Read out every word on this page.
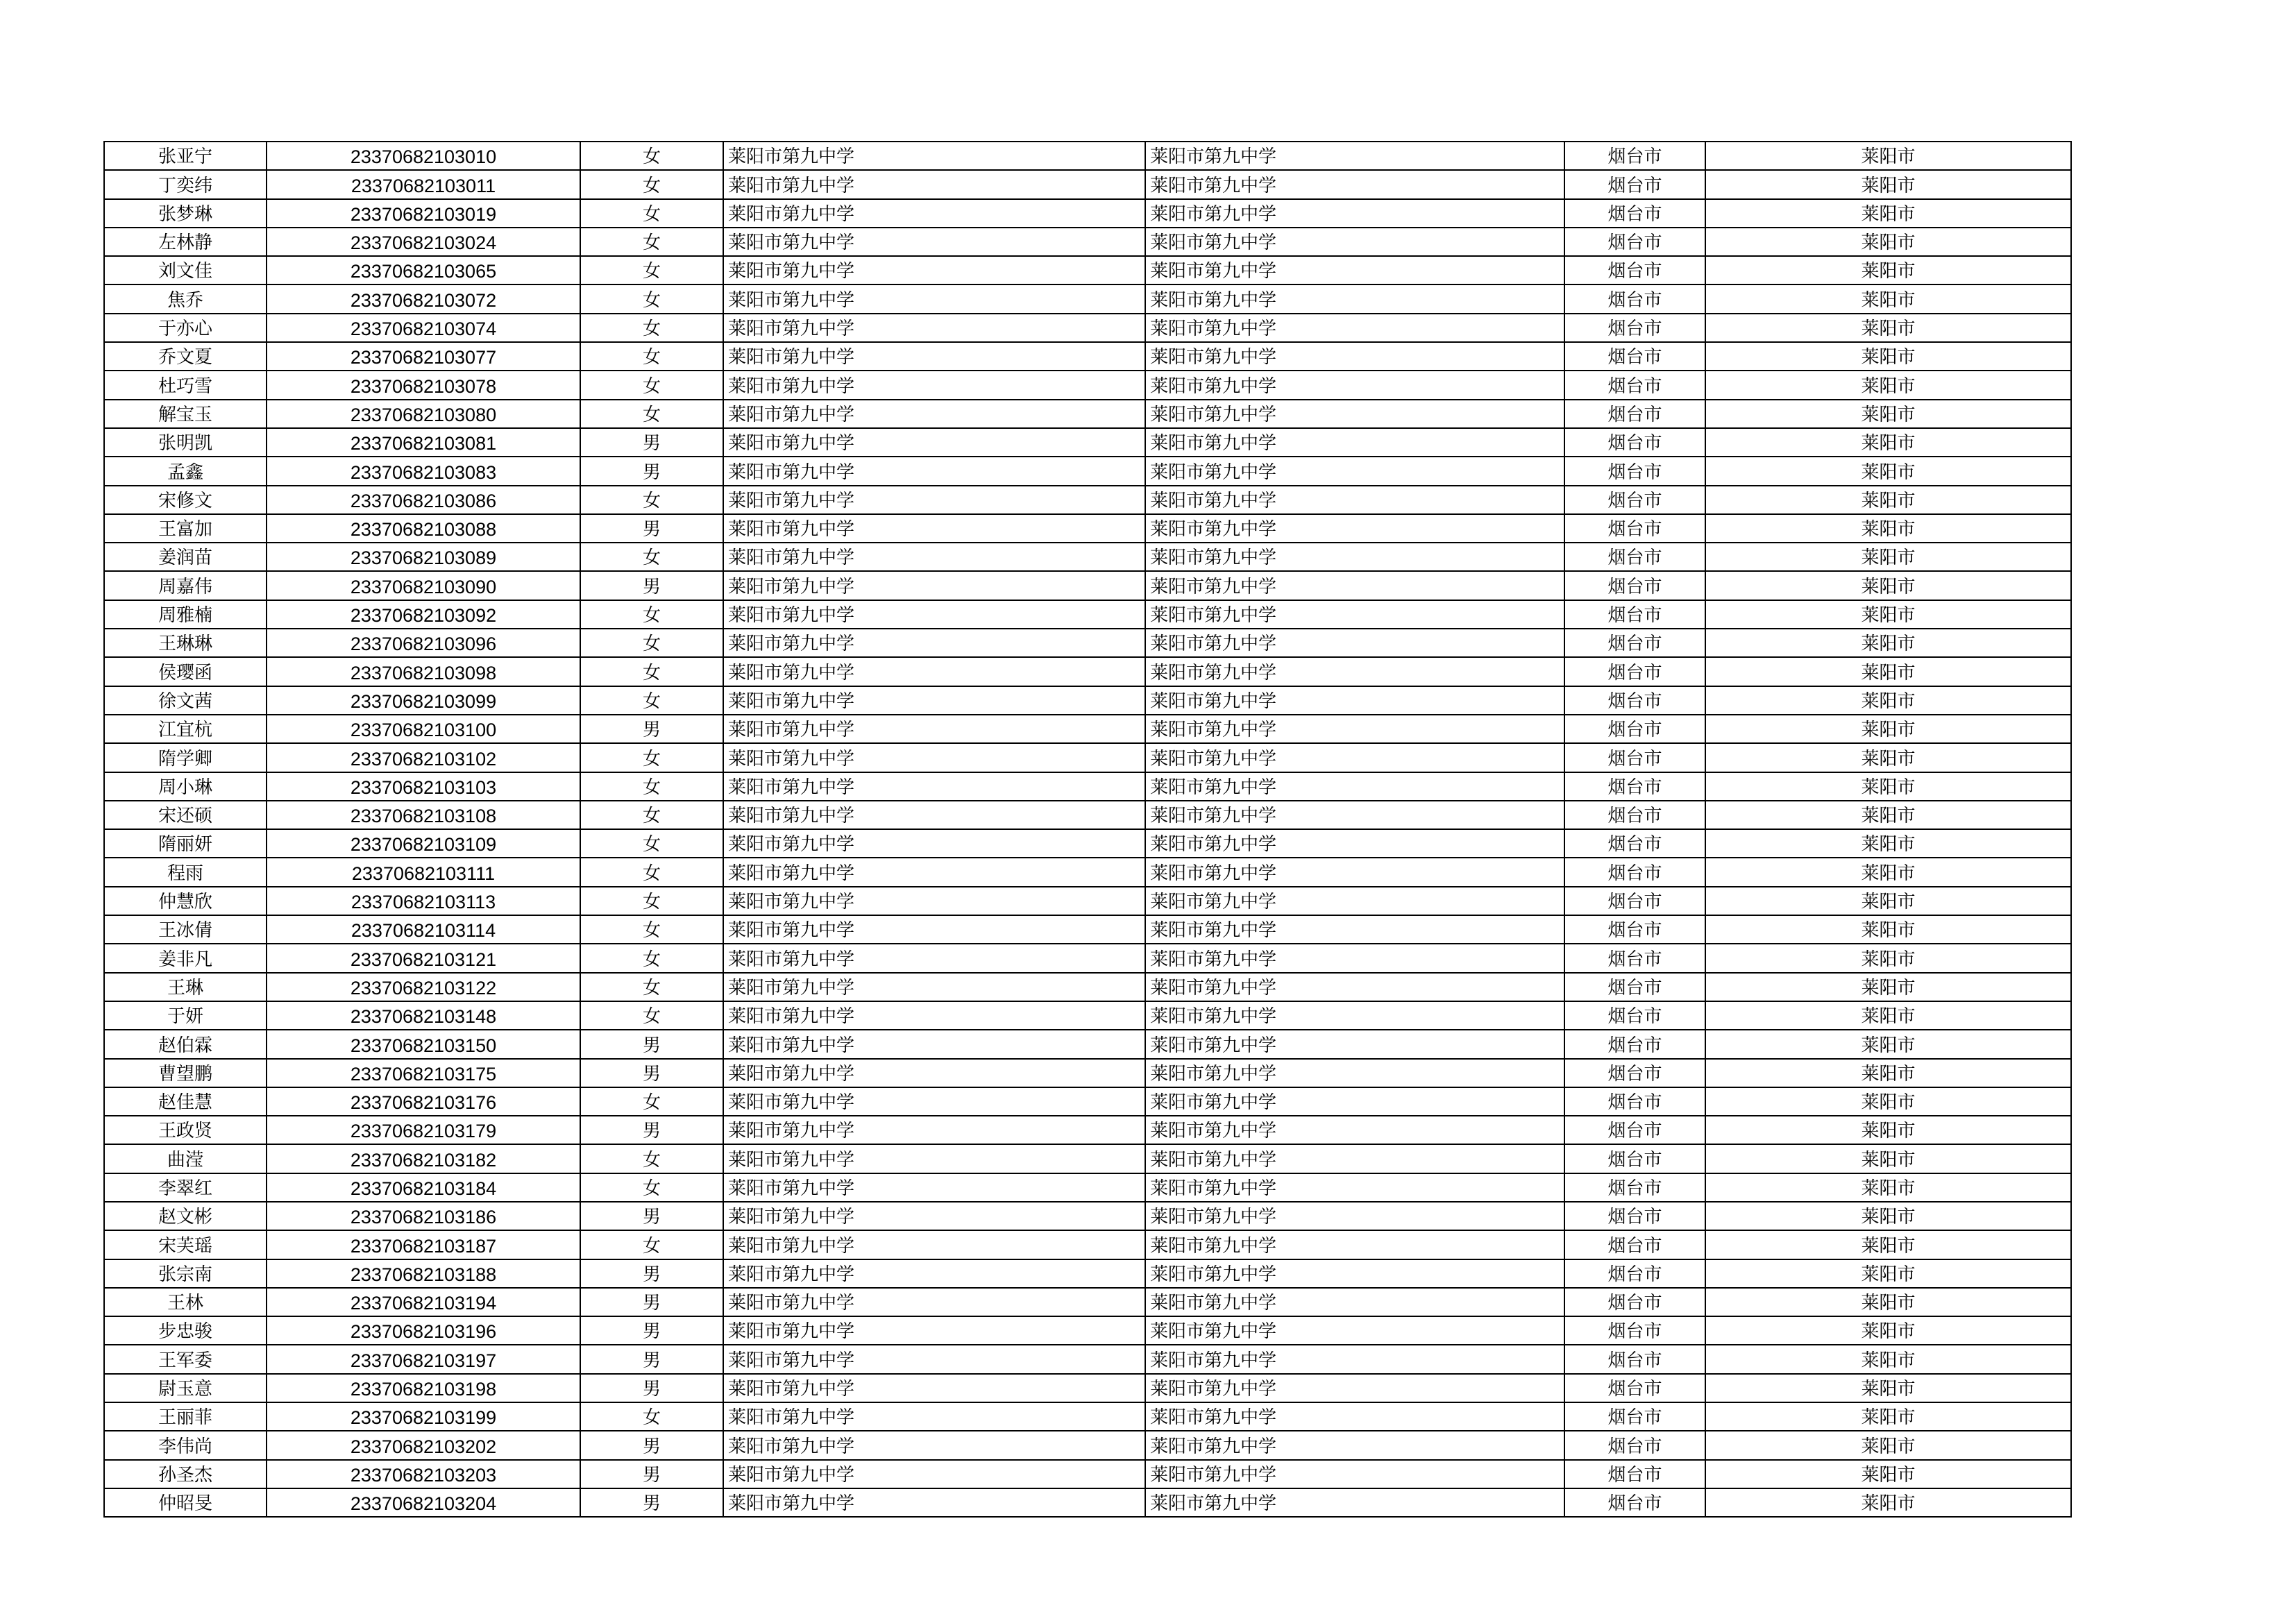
张亚宁	23370682103010	女	莱阳市第九中学	莱阳市第九中学	烟台市	莱阳市
丁奕纬	23370682103011	女	莱阳市第九中学	莱阳市第九中学	烟台市	莱阳市
张梦琳	23370682103019	女	莱阳市第九中学	莱阳市第九中学	烟台市	莱阳市
左林静	23370682103024	女	莱阳市第九中学	莱阳市第九中学	烟台市	莱阳市
刘文佳	23370682103065	女	莱阳市第九中学	莱阳市第九中学	烟台市	莱阳市
焦乔	23370682103072	女	莱阳市第九中学	莱阳市第九中学	烟台市	莱阳市
于亦心	23370682103074	女	莱阳市第九中学	莱阳市第九中学	烟台市	莱阳市
乔文夏	23370682103077	女	莱阳市第九中学	莱阳市第九中学	烟台市	莱阳市
杜巧雪	23370682103078	女	莱阳市第九中学	莱阳市第九中学	烟台市	莱阳市
解宝玉	23370682103080	女	莱阳市第九中学	莱阳市第九中学	烟台市	莱阳市
张明凯	23370682103081	男	莱阳市第九中学	莱阳市第九中学	烟台市	莱阳市
孟鑫	23370682103083	男	莱阳市第九中学	莱阳市第九中学	烟台市	莱阳市
宋修文	23370682103086	女	莱阳市第九中学	莱阳市第九中学	烟台市	莱阳市
王富加	23370682103088	男	莱阳市第九中学	莱阳市第九中学	烟台市	莱阳市
姜润苗	23370682103089	女	莱阳市第九中学	莱阳市第九中学	烟台市	莱阳市
周嘉伟	23370682103090	男	莱阳市第九中学	莱阳市第九中学	烟台市	莱阳市
周雅楠	23370682103092	女	莱阳市第九中学	莱阳市第九中学	烟台市	莱阳市
王琳琳	23370682103096	女	莱阳市第九中学	莱阳市第九中学	烟台市	莱阳市
侯璎函	23370682103098	女	莱阳市第九中学	莱阳市第九中学	烟台市	莱阳市
徐文茜	23370682103099	女	莱阳市第九中学	莱阳市第九中学	烟台市	莱阳市
江宜杭	23370682103100	男	莱阳市第九中学	莱阳市第九中学	烟台市	莱阳市
隋学卿	23370682103102	女	莱阳市第九中学	莱阳市第九中学	烟台市	莱阳市
周小琳	23370682103103	女	莱阳市第九中学	莱阳市第九中学	烟台市	莱阳市
宋还硕	23370682103108	女	莱阳市第九中学	莱阳市第九中学	烟台市	莱阳市
隋丽妍	23370682103109	女	莱阳市第九中学	莱阳市第九中学	烟台市	莱阳市
程雨	23370682103111	女	莱阳市第九中学	莱阳市第九中学	烟台市	莱阳市
仲慧欣	23370682103113	女	莱阳市第九中学	莱阳市第九中学	烟台市	莱阳市
王冰倩	23370682103114	女	莱阳市第九中学	莱阳市第九中学	烟台市	莱阳市
姜非凡	23370682103121	女	莱阳市第九中学	莱阳市第九中学	烟台市	莱阳市
王琳	23370682103122	女	莱阳市第九中学	莱阳市第九中学	烟台市	莱阳市
于妍	23370682103148	女	莱阳市第九中学	莱阳市第九中学	烟台市	莱阳市
赵伯霖	23370682103150	男	莱阳市第九中学	莱阳市第九中学	烟台市	莱阳市
曹望鹏	23370682103175	男	莱阳市第九中学	莱阳市第九中学	烟台市	莱阳市
赵佳慧	23370682103176	女	莱阳市第九中学	莱阳市第九中学	烟台市	莱阳市
王政贤	23370682103179	男	莱阳市第九中学	莱阳市第九中学	烟台市	莱阳市
曲滢	23370682103182	女	莱阳市第九中学	莱阳市第九中学	烟台市	莱阳市
李翠红	23370682103184	女	莱阳市第九中学	莱阳市第九中学	烟台市	莱阳市
赵文彬	23370682103186	男	莱阳市第九中学	莱阳市第九中学	烟台市	莱阳市
宋芙瑶	23370682103187	女	莱阳市第九中学	莱阳市第九中学	烟台市	莱阳市
张宗南	23370682103188	男	莱阳市第九中学	莱阳市第九中学	烟台市	莱阳市
王林	23370682103194	男	莱阳市第九中学	莱阳市第九中学	烟台市	莱阳市
步忠骏	23370682103196	男	莱阳市第九中学	莱阳市第九中学	烟台市	莱阳市
王军委	23370682103197	男	莱阳市第九中学	莱阳市第九中学	烟台市	莱阳市
尉玉意	23370682103198	男	莱阳市第九中学	莱阳市第九中学	烟台市	莱阳市
王丽菲	23370682103199	女	莱阳市第九中学	莱阳市第九中学	烟台市	莱阳市
李伟尚	23370682103202	男	莱阳市第九中学	莱阳市第九中学	烟台市	莱阳市
孙圣杰	23370682103203	男	莱阳市第九中学	莱阳市第九中学	烟台市	莱阳市
仲昭旻	23370682103204	男	莱阳市第九中学	莱阳市第九中学	烟台市	莱阳市
